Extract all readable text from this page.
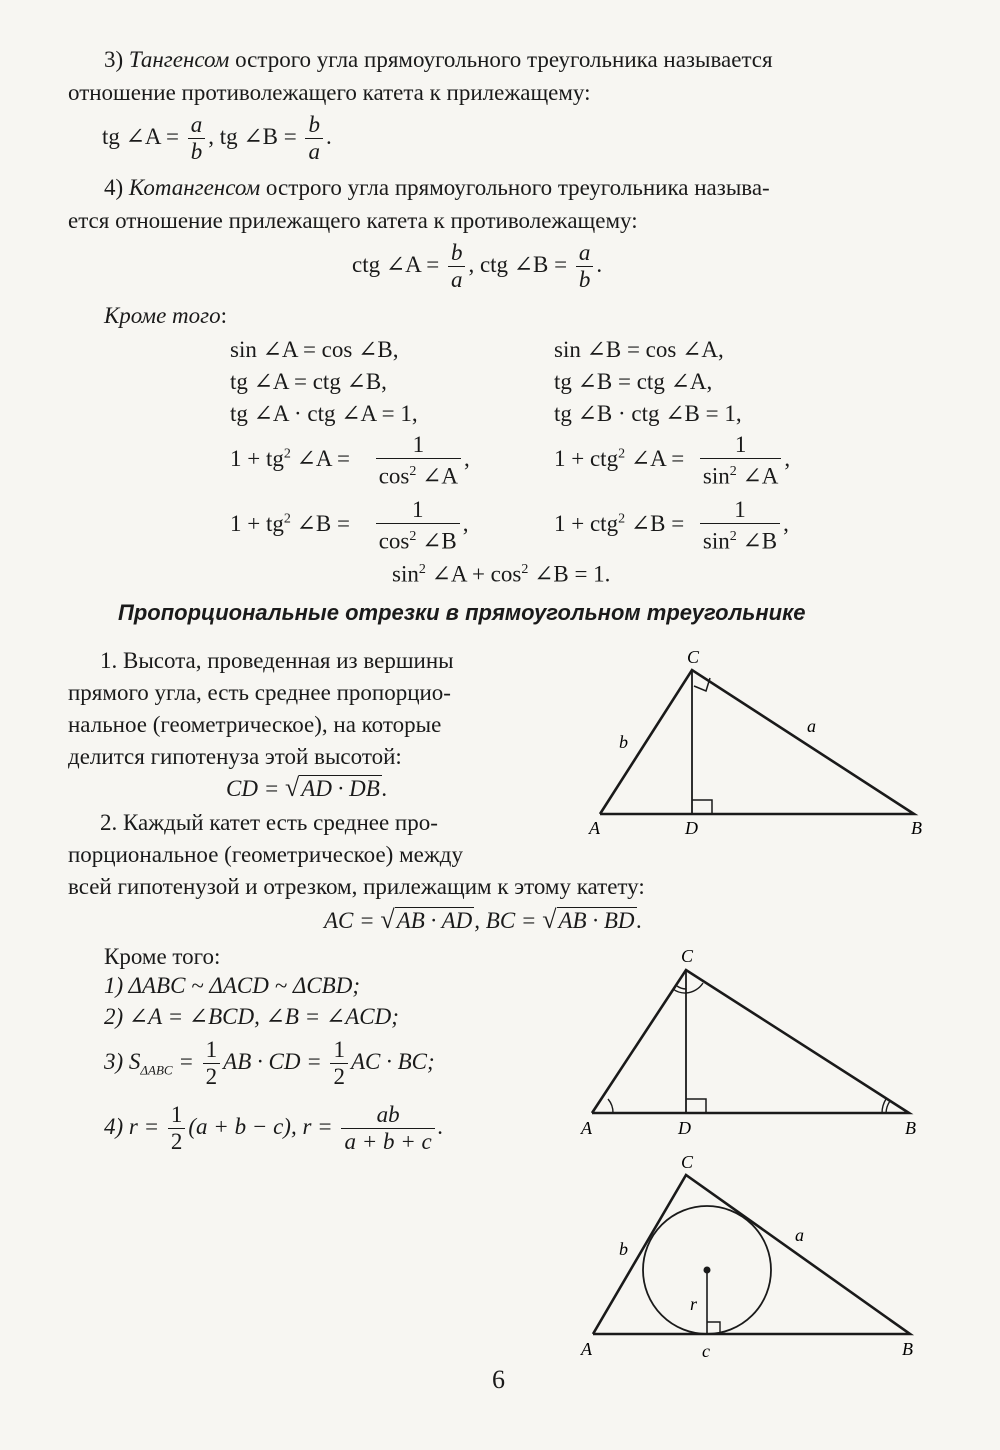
3) Тангенсом острого угла прямоугольного треугольника называется
отношение противолежащего катета к прилежащему:
tg ∠A = $\frac{a}{b}$ , tg ∠B = $\frac{b}{a}$ .
4) Котангенсом острого угла прямоугольного треугольника называ-
ется отношение прилежащего катета к противолежащему:
ctg ∠A = $\frac{b}{a}$ , ctg ∠B = $\frac{a}{b}$ .
Кроме того:
sin ∠A = cos ∠B,	sin ∠B = cos ∠A,
tg ∠A = ctg ∠B,	tg ∠B = ctg ∠A,
tg ∠A · ctg ∠A = 1,	tg ∠B · ctg ∠B = 1,
$1 + tg^2$ ∠A = $\frac{1}{\cos^2 \angle A}$ ,	1 + ctg$^2$ ∠A = $\frac{1}{\sin^2 \angle A}$ ,
$1 + tg^2$ ∠B = $\frac{1}{\cos^2 \angle B}$ ,	1 + ctg$^2$ ∠B = $\frac{1}{\sin^2 \angle B}$ ,
$\sin^2$ ∠A + $\cos^2$ ∠B = 1.
Пропорциональные отрезки в прямоугольном треугольнике
1. Высота, проведенная из вершины
прямого угла, есть среднее пропорцио-
нальное (геометрическое), на которые
делится гипотенуза этой высотой:
CD = √AD · DB.
2. Каждый катет есть среднее про-
порциональное (геометрическое) между
всей гипотенузой и отрезком, прилежащим к этому катету:
AC = √AB · AD, BC = √AB · BD.
Кроме того:
1) ΔABC ~ ΔACD ~ ΔCBD;
2) ∠A = ∠BCD, ∠B = ∠ACD;
3) $S_{\Delta ABC} = \frac{1}{2}$ AB · CD = $\frac{1}{2}$ AC · BC;
4) $r = \frac{1}{2} (a + b - c)$, $r = \frac{ab}{a + b + c}$ .
C
A	D	B
a
b
C
A	D	B
C
A	B
a
b
c
r
6
